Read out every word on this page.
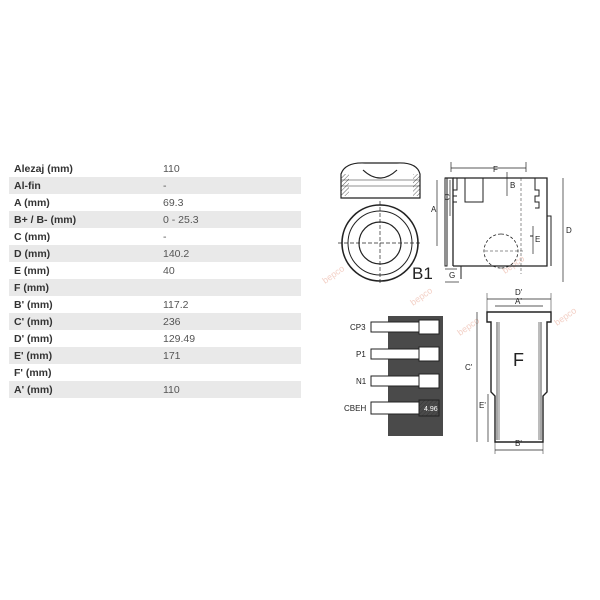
Alezaj (mm)	110
Al-fin	-
A (mm)	69.3
B+ / B- (mm)	0 - 25.3
C (mm)	-
D (mm)	140.2
E (mm)	40
F (mm)
B' (mm)	117.2
C' (mm)	236
D' (mm)	129.49
E' (mm)	171
F' (mm)
A' (mm)	110
bepco
bepco
bepco
bepco	bepco
B1
F
B
A
C
E
D
G
CP3
P1
N1
CBEH
2.44
2.44
2.44
4.96
F
D'
A'
B'
C'
E'
